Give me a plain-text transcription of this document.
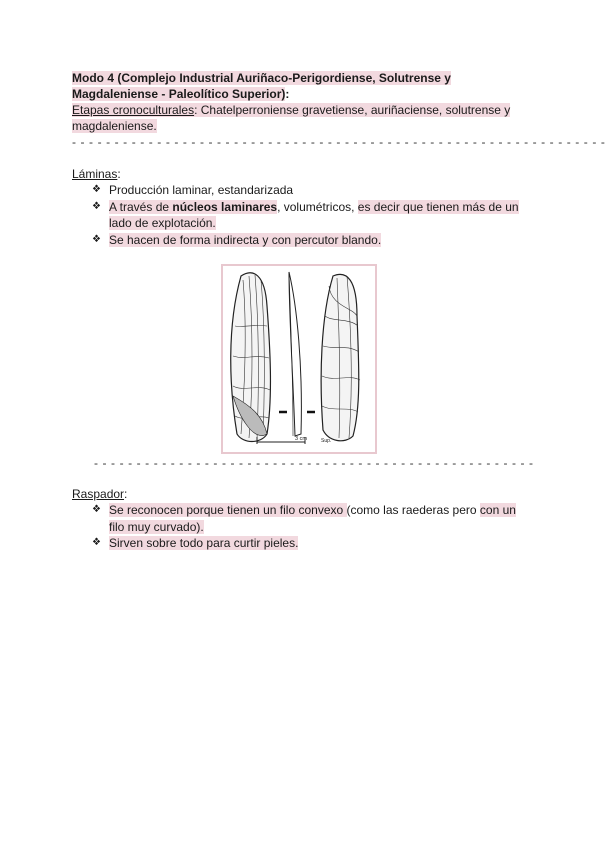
Modo 4 (Complejo Industrial Auriñaco-Perigordiense, Solutrense y
Magdaleniense - Paleolítico Superior):

Etapas cronoculturales: Chatelperroniense gravetiense, auriñaciense, solutrense y
magdaleniense.

- - - - - - - - - - - - - - - - - - - - - - - - - - - - - - - - - - - - - - - - - - - - - - - - - - - - - - - - - - - - - - -

Láminas:

❖ Producción laminar, estandarizada
❖ A través de núcleos laminares, volumétricos, es decir que tienen más de un
lado de explotación.
❖ Se hacen de forma indirecta y con percutor blando.
3 cm	Sup.
- - - - - - - - - - - - - - - - - - - - - - - - - - - - - - - - - - - - - - - - - - - - - - - - - - - -

Raspador:

❖ Se reconocen porque tienen un filo convexo (como las raederas pero con un
filo muy curvado).
❖ Sirven sobre todo para curtir pieles.
